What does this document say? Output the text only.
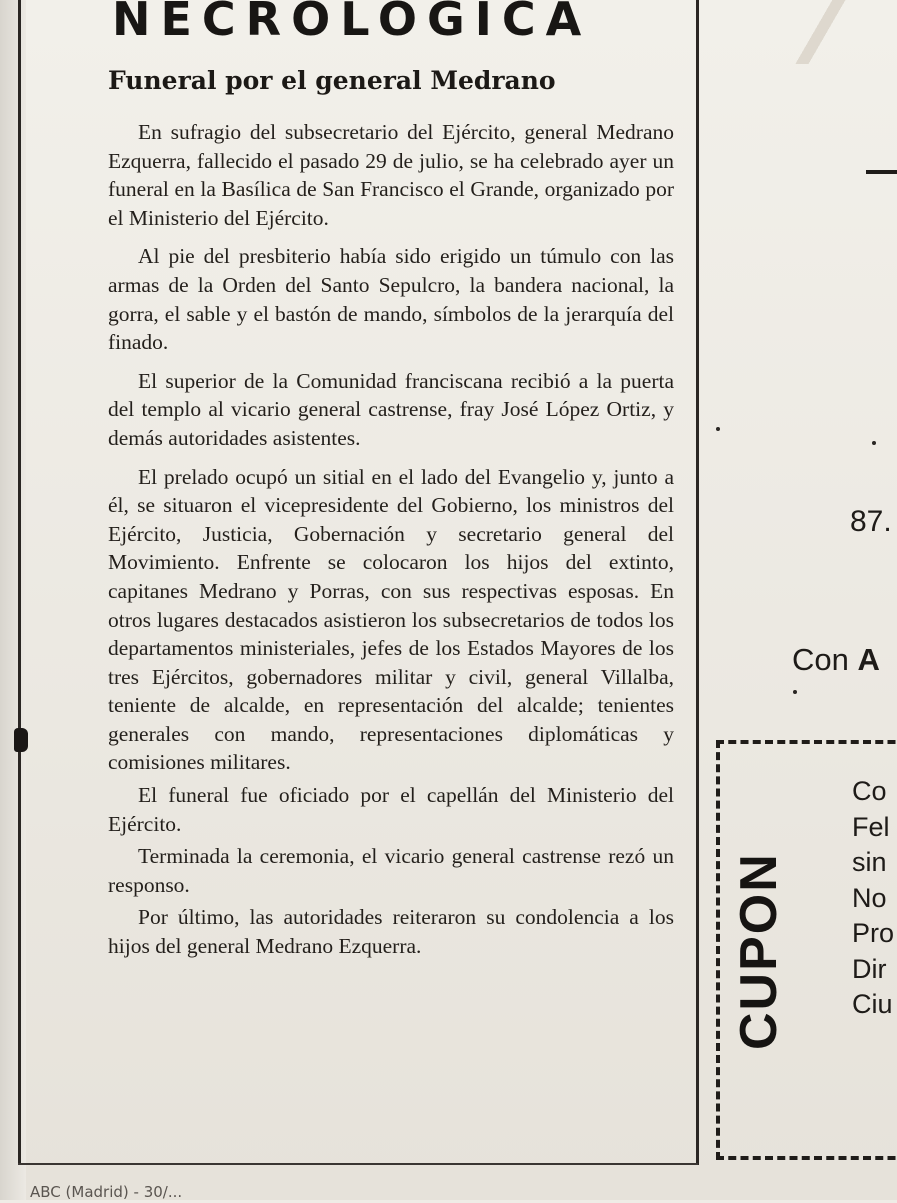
NECROLOGICA
Funeral por el general Medrano

En sufragio del subsecretario del Ejército, general Medrano Ezquerra, fallecido el pasado 29 de julio, se ha celebrado ayer un funeral en la Basílica de San Francisco el Grande, organizado por el Ministerio del Ejército.

Al pie del presbiterio había sido erigido un túmulo con las armas de la Orden del Santo Sepulcro, la bandera nacional, la gorra, el sable y el bastón de mando, símbolos de la jerarquía del finado.

El superior de la Comunidad franciscana recibió a la puerta del templo al vicario general castrense, fray José López Ortiz, y demás autoridades asistentes.

El prelado ocupó un sitial en el lado del Evangelio y, junto a él, se situaron el vicepresidente del Gobierno, los ministros del Ejército, Justicia, Gobernación y secretario general del Movimiento. Enfrente se colocaron los hijos del extinto, capitanes Medrano y Porras, con sus respectivas esposas. En otros lugares destacados asistieron los subsecretarios de todos los departamentos ministeriales, jefes de los Estados Mayores de los tres Ejércitos, gobernadores militar y civil, general Villalba, teniente de alcalde, en representación del alcalde; tenientes generales con mando, representaciones diplomáticas y comisiones militares.

El funeral fue oficiado por el capellán del Ministerio del Ejército.

Terminada la ceremonia, el vicario general castrense rezó un responso.

Por último, las autoridades reiteraron su condolencia a los hijos del general Medrano Ezquerra.

ABC (Madrid) - 30/...
87.
Con A
CUPON
Co
Fel
sin
No
Pro
Dir
Ciu
